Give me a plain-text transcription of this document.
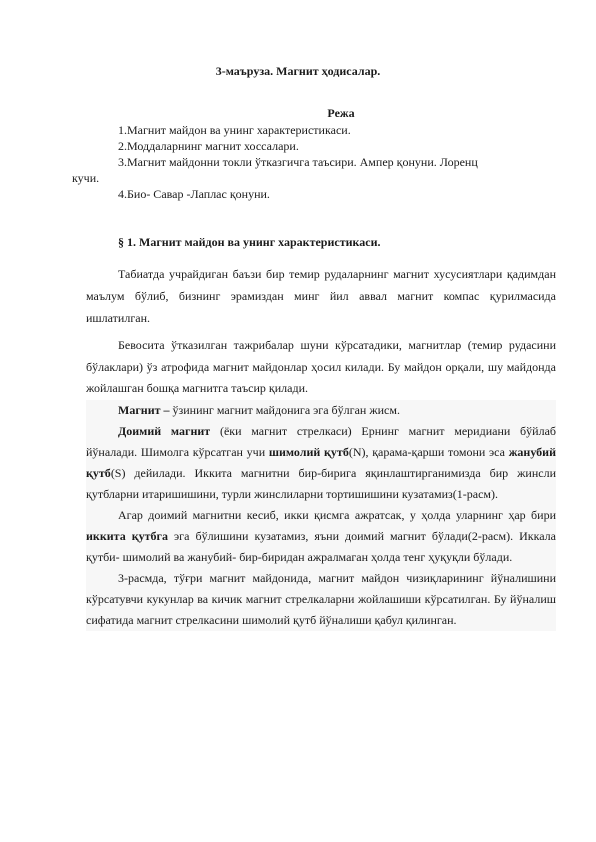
3-маъруза. Магнит ҳодисалар.
Режа
1.Магнит майдон ва унинг характеристикаси.
2.Моддаларнинг магнит хоссалари.
3.Магнит майдонни токли ўтказгичга таъсири. Ампер қонуни. Лоренц
кучи.
4.Био- Савар -Лаплас қонуни.
§ 1. Магнит майдон ва унинг характеристикаси.

Табиатда учрайдиган баъзи бир темир рудаларнинг магнит хусусиятлари қадимдан маълум бўлиб, бизнинг эрамиздан минг йил аввал магнит компас қурилмасида ишлатилган.

Бевосита ўтказилган тажрибалар шуни кўрсатадики, магнитлар (темир рудасини бўлаклари) ўз атрофида магнит майдонлар ҳосил килади. Бу майдон орқали, шу майдонда жойлашган бошқа магнитга таъсир қилади.

Магнит – ўзининг магнит майдонига эга бўлган жисм.

Доимий магнит (ёки магнит стрелкаси) Ернинг магнит меридиани бўйлаб йўналади. Шимолга кўрсатган учи шимолий қутб(N), қарама-қарши томони эса жанубий қутб(S) дейилади. Иккита магнитни бир-бирига яқинлаштирганимизда бир жинсли қутбларни итаришишини, турли жинслиларни тортишишини кузатамиз(1-расм).

Агар доимий магнитни кесиб, икки қисмга ажратсак, у ҳолда уларнинг ҳар бири иккита қутбга эга бўлишини кузатамиз, яъни доимий магнит бўлади(2-расм). Иккала қутби- шимолий ва жанубий- бир-биридан ажралмаган ҳолда тенг ҳуқуқли бўлади.

3-расмда, тўғри магнит майдонида, магнит майдон чизиқларининг йўналишини кўрсатувчи кукунлар ва кичик магнит стрелкаларни жойлашиши кўрсатилган. Бу йўналиш сифатида магнит стрелкасини шимолий қутб йўналиши қабул қилинган.
